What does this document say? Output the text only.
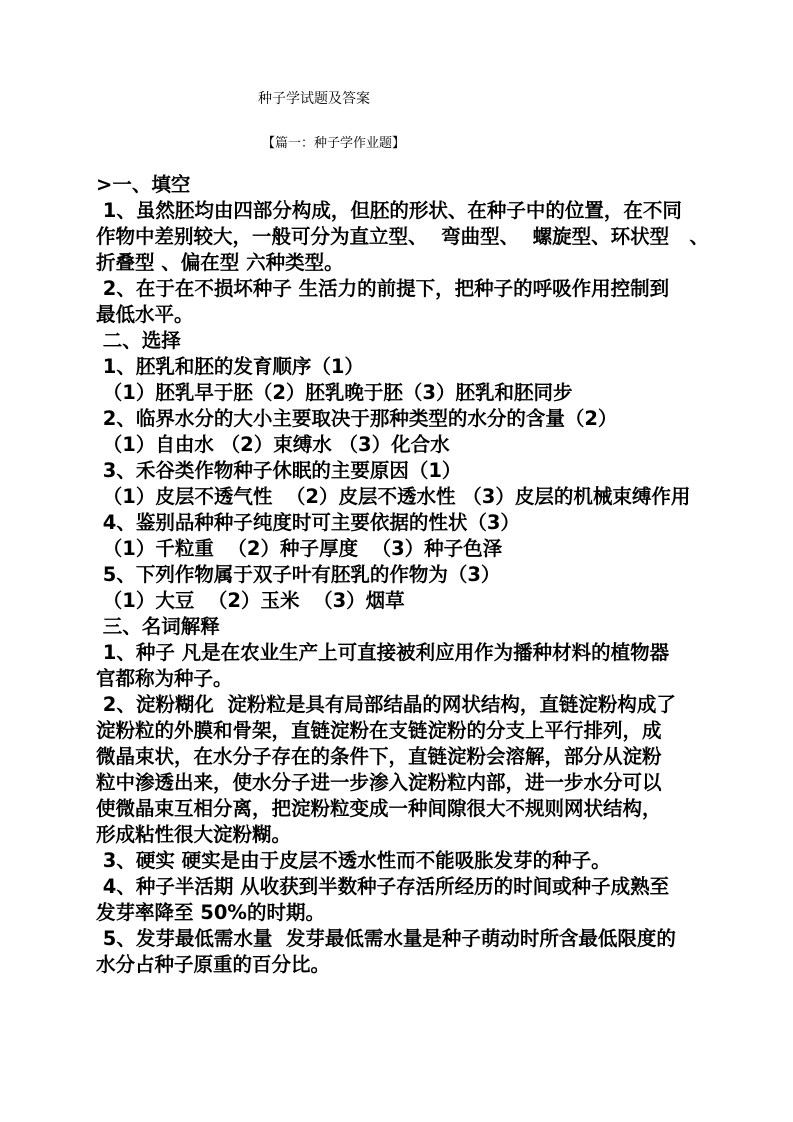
种子学试题及答案
【篇一：种子学作业题】
>一、填空
1、虽然胚均由四部分构成，但胚的形状、在种子中的位置，在不同
作物中差别较大，一般可分为直立型、  弯曲型、  螺旋型、环状型   、
折叠型 、偏在型 六种类型。
2、在于在不损坏种子 生活力的前提下，把种子的呼吸作用控制到
最低水平。
二、选择
1、胚乳和胚的发育顺序（1）
（1）胚乳早于胚（2）胚乳晚于胚（3）胚乳和胚同步
2、临界水分的大小主要取决于那种类型的水分的含量（2）
（1）自由水 （2）束缚水 （3）化合水
3、禾谷类作物种子休眠的主要原因（1）
（1）皮层不透气性  （2）皮层不透水性 （3）皮层的机械束缚作用
4、鉴别品种种子纯度时可主要依据的性状（3）
（1）千粒重  （2）种子厚度  （3）种子色泽
5、下列作物属于双子叶有胚乳的作物为（3）
（1）大豆  （2）玉米  （3）烟草
三、名词解释
1、种子 凡是在农业生产上可直接被利应用作为播种材料的植物器
官都称为种子。
2、淀粉糊化  淀粉粒是具有局部结晶的网状结构，直链淀粉构成了
淀粉粒的外膜和骨架，直链淀粉在支链淀粉的分支上平行排列，成
微晶束状，在水分子存在的条件下，直链淀粉会溶解，部分从淀粉
粒中渗透出来，使水分子进一步渗入淀粉粒内部，进一步水分可以
使微晶束互相分离，把淀粉粒变成一种间隙很大不规则网状结构，
形成粘性很大淀粉糊。
3、硬实 硬实是由于皮层不透水性而不能吸胀发芽的种子。
4、种子半活期 从收获到半数种子存活所经历的时间或种子成熟至
发芽率降至 50%的时期。
5、发芽最低需水量  发芽最低需水量是种子萌动时所含最低限度的
水分占种子原重的百分比。
